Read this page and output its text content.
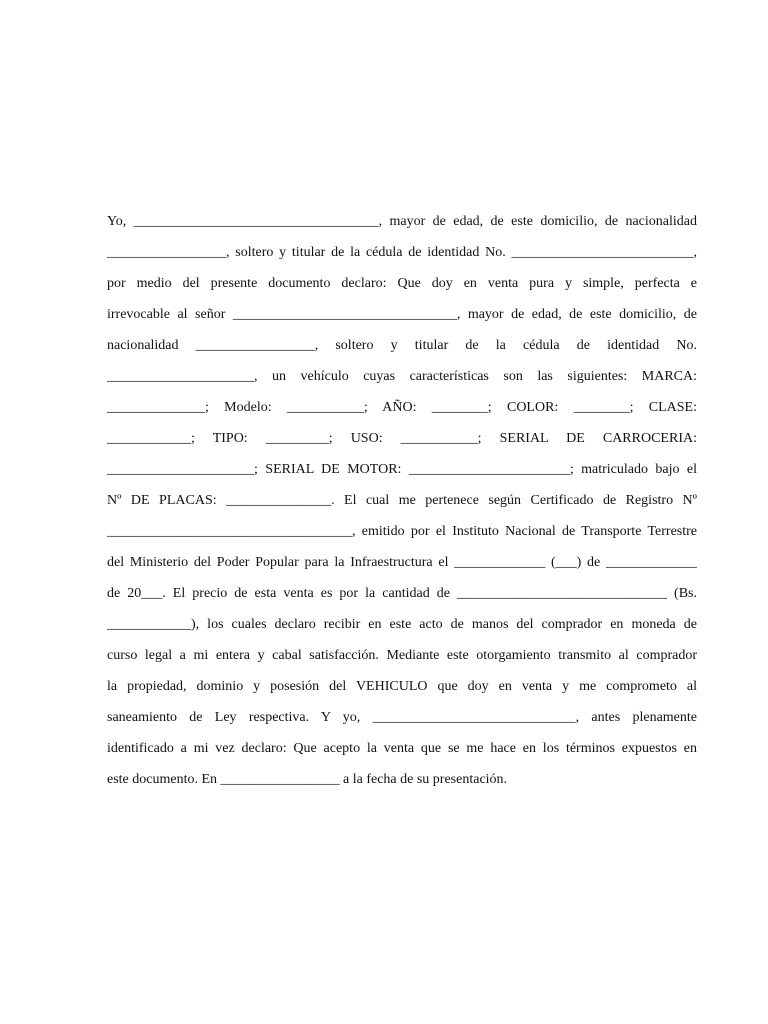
Yo, ___________________________________, mayor de edad, de este domicilio, de nacionalidad
_________________, soltero y titular de la cédula de identidad No. __________________________,
por medio del presente documento declaro: Que doy en venta pura y simple, perfecta e
irrevocable al señor ________________________________, mayor de edad, de este domicilio, de
nacionalidad _________________, soltero y titular de la cédula de identidad No.
_____________________, un vehículo cuyas características son las siguientes: MARCA:
______________; Modelo: ___________; AÑO: ________; COLOR: ________; CLASE:
____________; TIPO: _________; USO: ___________; SERIAL DE CARROCERIA:
_____________________; SERIAL DE MOTOR: _______________________; matriculado bajo el
Nº DE PLACAS: _______________. El cual me pertenece según Certificado de Registro Nº
___________________________________, emitido por el Instituto Nacional de Transporte Terrestre
del Ministerio del Poder Popular para la Infraestructura el _____________ (___) de _____________
de 20___. El precio de esta venta es por la cantidad de ______________________________ (Bs.
____________), los cuales declaro recibir en este acto de manos del comprador en moneda de
curso legal a mi entera y cabal satisfacción. Mediante este otorgamiento transmito al comprador
la propiedad, dominio y posesión del VEHICULO que doy en venta y me comprometo al
saneamiento de Ley respectiva. Y yo, _____________________________, antes plenamente
identificado a mi vez declaro: Que acepto la venta que se me hace en los términos expuestos en
este documento. En _________________ a la fecha de su presentación.
